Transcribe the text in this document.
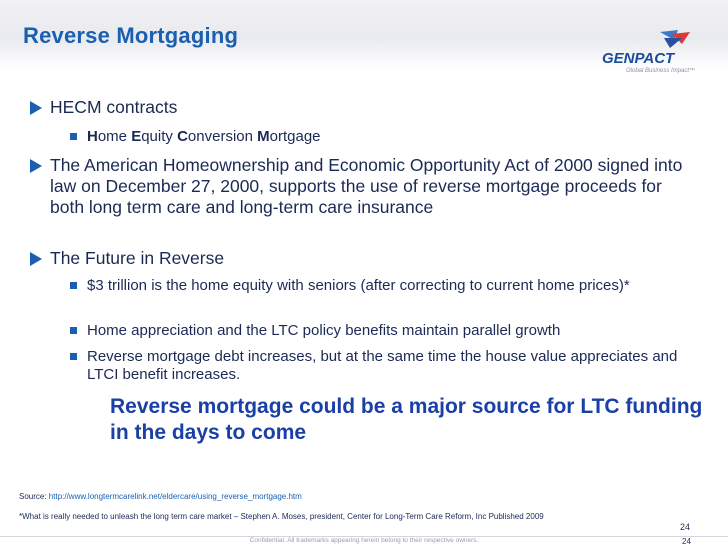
Reverse Mortgaging
GENPACT
Global Business Impact™
HECM contracts
Home Equity Conversion Mortgage
The American Homeownership and Economic Opportunity Act of 2000 signed into law on December 27, 2000, supports the use of reverse mortgage proceeds for both long term care and long-term care insurance
The Future in Reverse
$3 trillion is the home equity with seniors (after correcting to current home prices)*
Home appreciation and the LTC policy benefits maintain parallel growth
Reverse mortgage debt increases, but at the same time the house value appreciates and LTCI benefit increases.
Reverse mortgage could be a major source for LTC funding in the days to come
Source: http://www.longtermcarelink.net/eldercare/using_reverse_mortgage.htm
*What is really needed to unleash the long term care market – Stephen A. Moses, president, Center for Long-Term Care Reform, Inc Published 2009
24
Confidential. All trademarks appearing herein belong to their respective owners.	24
